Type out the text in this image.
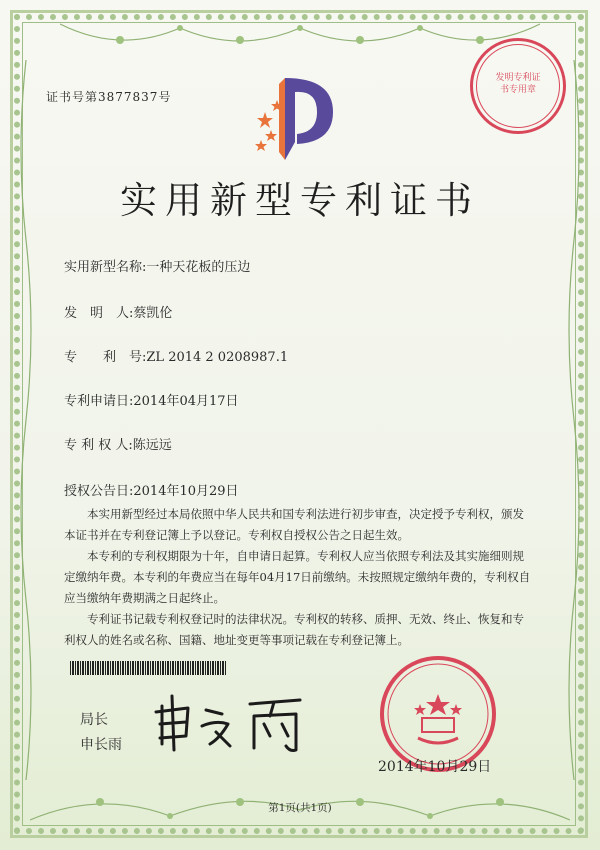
证书号第3877837号
发明专利证书专用章
实用新型专利证书
实用新型名称:一种天花板的压边
发　明　人:蔡凯伦
专　　利　号:ZL 2014 2 0208987.1
专利申请日:2014年04月17日
专 利 权 人:陈远远
授权公告日:2014年10月29日

本实用新型经过本局依照中华人民共和国专利法进行初步审查，决定授予专利权，颁发本证书并在专利登记簿上予以登记。专利权自授权公告之日起生效。

本专利的专利权期限为十年，自申请日起算。专利权人应当依照专利法及其实施细则规定缴纳年费。本专利的年费应当在每年04月17日前缴纳。未按照规定缴纳年费的，专利权自应当缴纳年费期满之日起终止。

专利证书记载专利权登记时的法律状况。专利权的转移、质押、无效、终止、恢复和专利权人的姓名或名称、国籍、地址变更等事项记载在专利登记簿上。

局长
申长雨
2014年10月29日
第1页(共1页)
